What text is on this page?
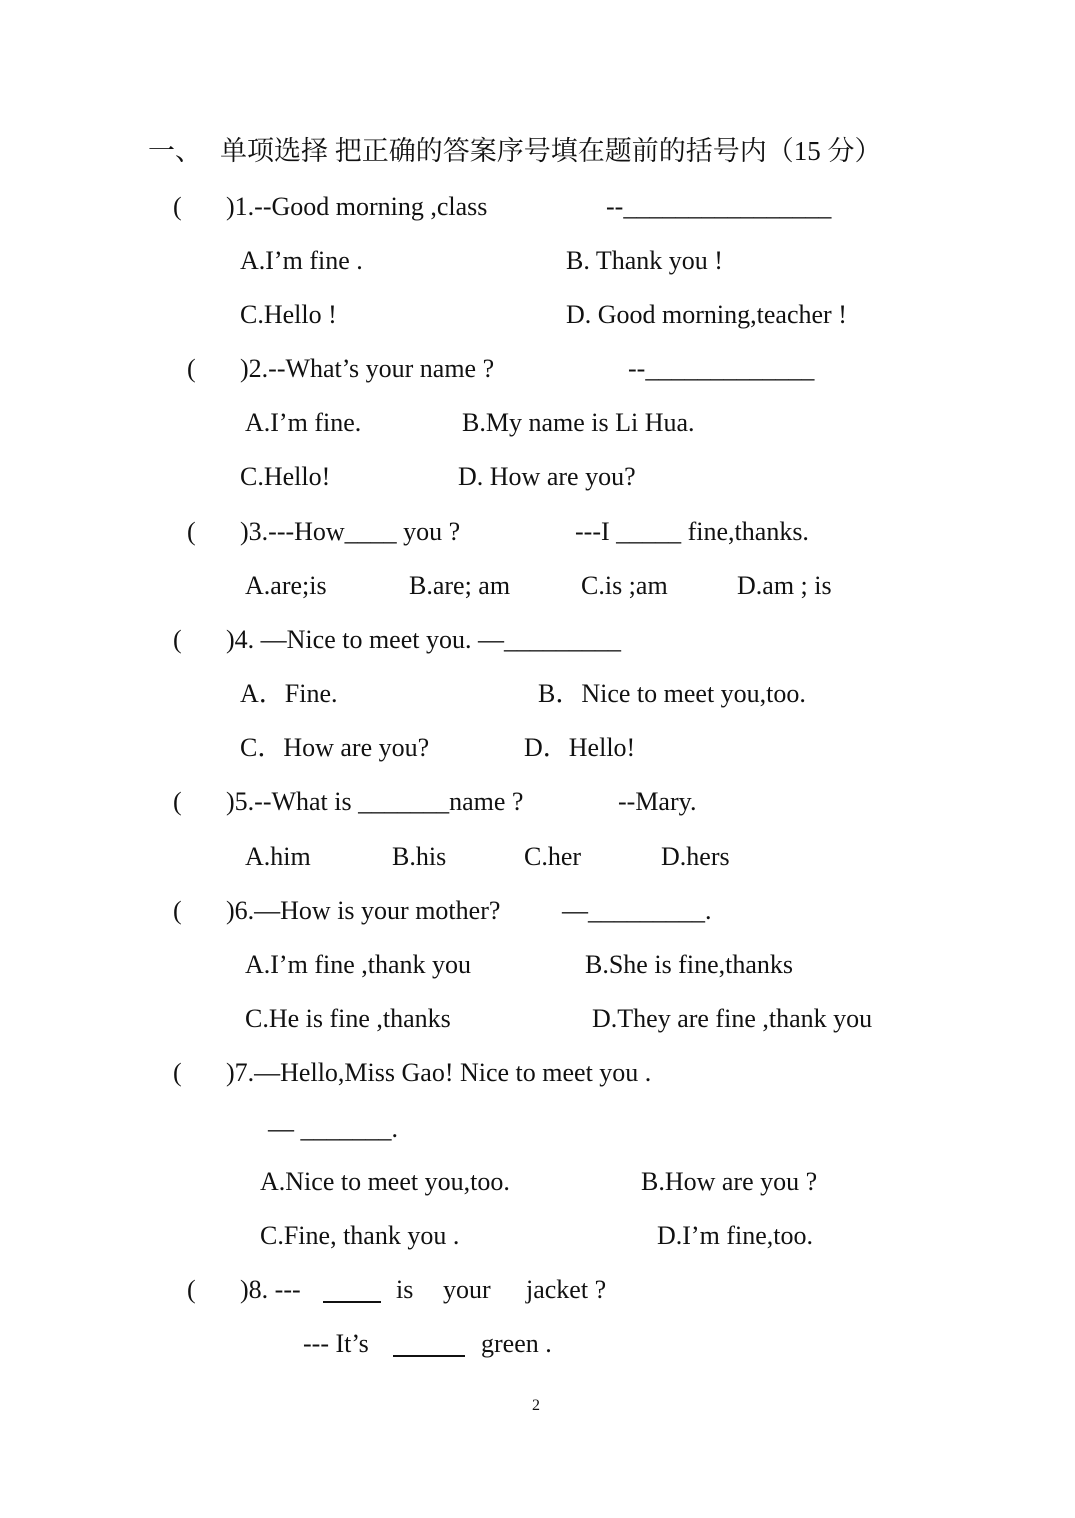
一、 单项选择 把正确的答案序号填在题前的括号内（15 分）
( )1.--Good morning ,class	--________________
A.I’m fine .	B. Thank you !
C.Hello !	D. Good morning,teacher !
( )2.--What’s your name ?	--_____________
A.I’m fine.	B.My name is Li Hua.
C.Hello!	D. How are you?
( )3.---How____ you ?	---I _____ fine,thanks.
A.are;is	B.are; am	C.is ;am	D.am ; is
( )4. —Nice to meet you. —_________
A．Fine.	B．Nice to meet you,too.
C．How are you?	D．Hello!
( )5.--What is _______name ?	--Mary.
A.him	B.his	C.her	D.hers
( )6.—How is your mother? —_________.
A.I’m fine ,thank you	B.She is fine,thanks
C.He is fine ,thanks	D.They are fine ,thank you
( )7.—Hello,Miss Gao! Nice to meet you .
— _______.
A.Nice to meet you,too.	B.How are you ?
C.Fine, thank you .	D.I’m fine,too.
( )8. ---	is your jacket ?
--- It’s	green .
2
